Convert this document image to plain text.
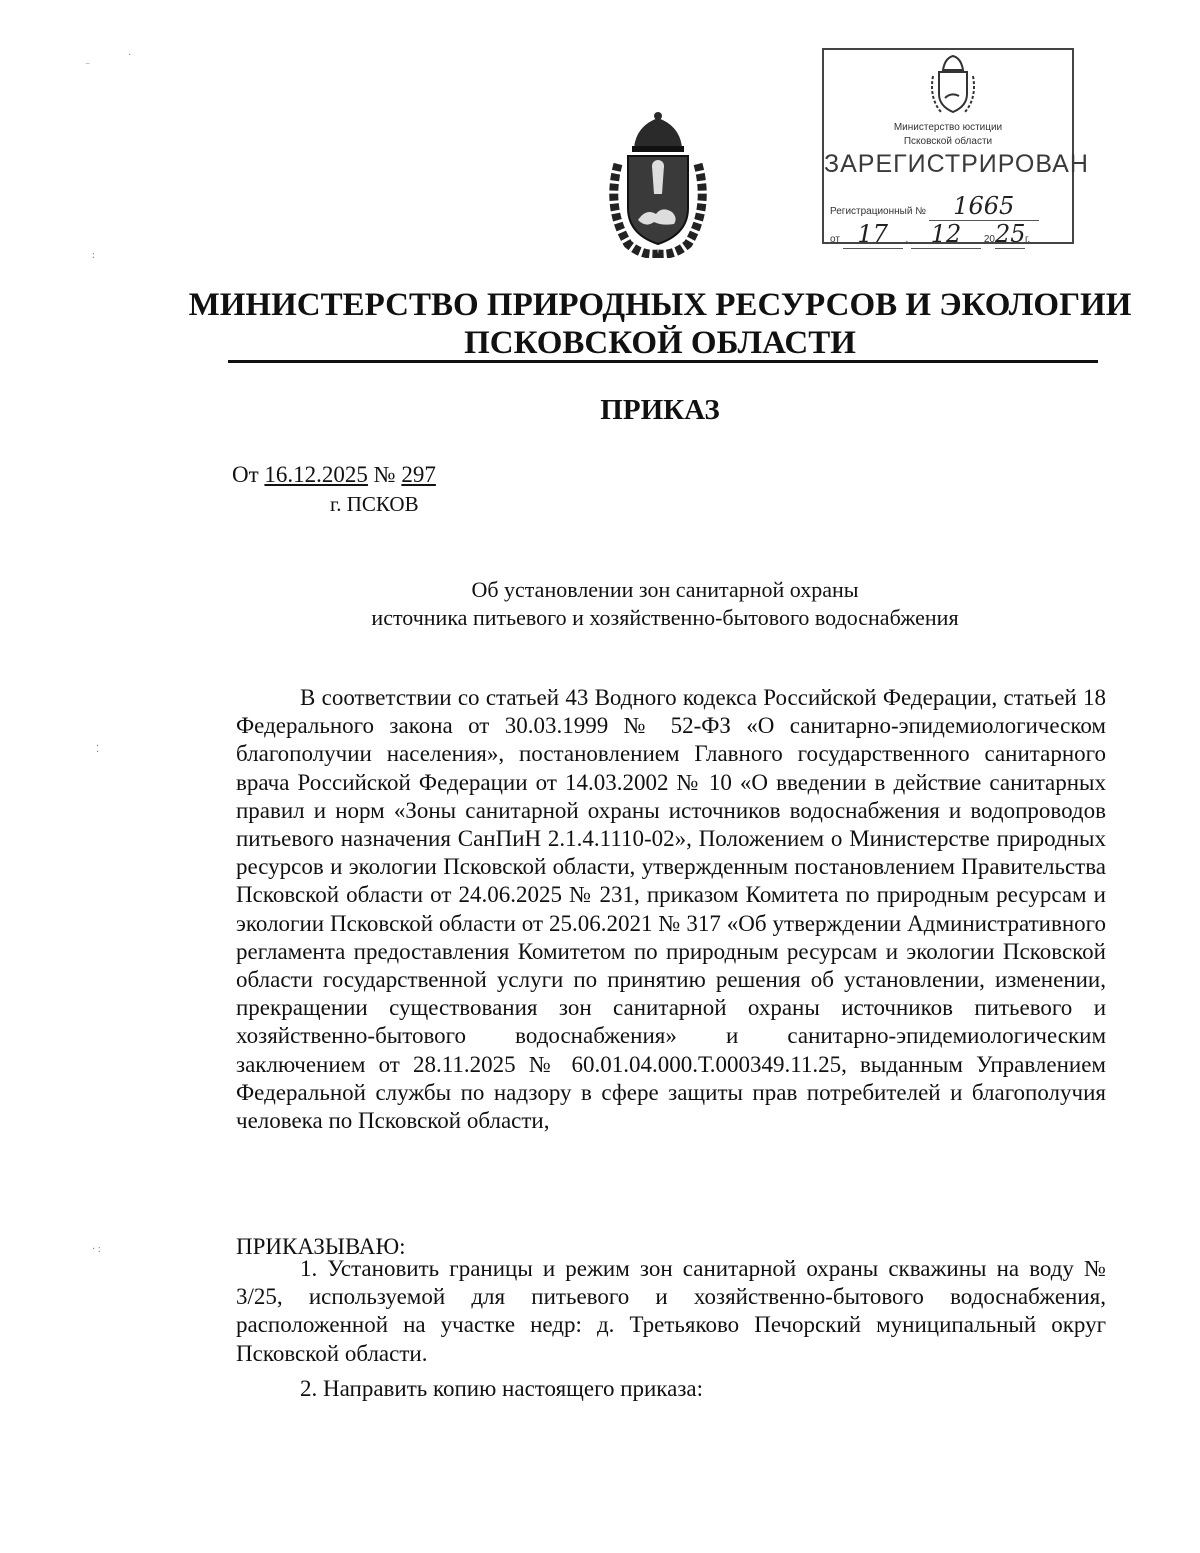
‾
·
:
⁚
· :
Министерство юстиции
Псковской области
ЗАРЕГИСТРИРОВАН
Регистрационный № 1665
от 17 . 12 2025г.
МИНИСТЕРСТВО ПРИРОДНЫХ РЕСУРСОВ И ЭКОЛОГИИ
ПСКОВСКОЙ ОБЛАСТИ
ПРИКАЗ
От 16.12.2025 № 297
г. ПСКОВ
Об установлении зон санитарной охраны
источника питьевого и хозяйственно-бытового водоснабжения
В соответствии со статьей 43 Водного кодекса Российской Федерации, статьей 18 Федерального закона от 30.03.1999 № 52-ФЗ «О санитарно-эпидемиологическом благополучии населения», постановлением Главного государственного санитарного врача Российской Федерации от 14.03.2002 № 10 «О введении в действие санитарных правил и норм «Зоны санитарной охраны источников водоснабжения и водопроводов питьевого назначения СанПиН 2.1.4.1110-02», Положением о Министерстве природных ресурсов и экологии Псковской области, утвержденным постановлением Правительства Псковской области от 24.06.2025 № 231, приказом Комитета по природным ресурсам и экологии Псковской области от 25.06.2021 № 317 «Об утверждении Административного регламента предоставления Комитетом по природным ресурсам и экологии Псковской области государственной услуги по принятию решения об установлении, изменении, прекращении существования зон санитарной охраны источников питьевого и хозяйственно-бытового водоснабжения» и санитарно-эпидемиологическим заключением от 28.11.2025 № 60.01.04.000.Т.000349.11.25, выданным Управлением Федеральной службы по надзору в сфере защиты прав потребителей и благополучия человека по Псковской области,
ПРИКАЗЫВАЮ:
1. Установить границы и режим зон санитарной охраны скважины на воду № 3/25, используемой для питьевого и хозяйственно-бытового водоснабжения, расположенной на участке недр: д. Третьяково Печорский муниципальный округ Псковской области.
2. Направить копию настоящего приказа:
